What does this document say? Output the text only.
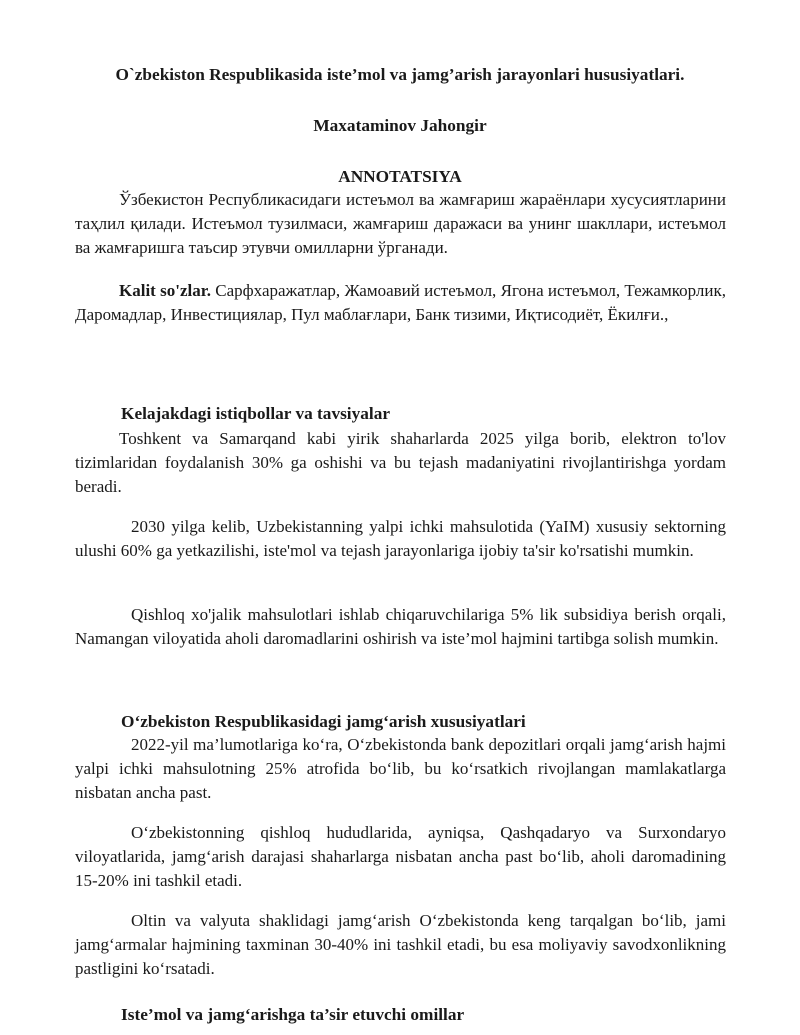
O`zbekiston Respublikasida iste’mol va jamg’arish jarayonlari hususiyatlari.
Maxataminov Jahongir
ANNOTATSIYA

Ўзбекистон Республикасидаги истеъмол ва жамғариш жараёнлари хусусиятларини таҳлил қилади. Истеъмол тузилмаси, жамғариш даражаси ва унинг шакллари, истеъмол ва жамғаришга таъсир этувчи омилларни ўрганади.

Kalit so'zlar. Сарфхаражатлар, Жамоавий истеъмол, Ягона истеъмол, Тежамкорлик, Даромадлар, Инвестициялар, Пул маблағлари, Банк тизими, Иқтисодиёт, Ёкилғи.,

Kelajakdagi istiqbollar va tavsiyalar

Toshkent va Samarqand kabi yirik shaharlarda 2025 yilga borib, elektron to'lov tizimlaridan foydalanish 30% ga oshishi va bu tejash madaniyatini rivojlantirishga yordam beradi.

2030 yilga kelib, Uzbekistanning yalpi ichki mahsulotida (YaIM) xususiy sektorning ulushi 60% ga yetkazilishi, iste'mol va tejash jarayonlariga ijobiy ta'sir ko'rsatishi mumkin.

Qishloq xo'jalik mahsulotlari ishlab chiqaruvchilariga 5% lik subsidiya berish orqali, Namangan viloyatida aholi daromadlarini oshirish va iste’mol hajmini tartibga solish mumkin.

O‘zbekiston Respublikasidagi jamg‘arish xususiyatlari

2022-yil ma’lumotlariga ko‘ra, O‘zbekistonda bank depozitlari orqali jamg‘arish hajmi yalpi ichki mahsulotning 25% atrofida bo‘lib, bu ko‘rsatkich rivojlangan mamlakatlarga nisbatan ancha past.

O‘zbekistonning qishloq hududlarida, ayniqsa, Qashqadaryo va Surxondaryo viloyatlarida, jamg‘arish darajasi shaharlarga nisbatan ancha past bo‘lib, aholi daromadining 15-20% ini tashkil etadi.

Oltin va valyuta shaklidagi jamg‘arish O‘zbekistonda keng tarqalgan bo‘lib, jami jamg‘armalar hajmining taxminan 30-40% ini tashkil etadi, bu esa moliyaviy savodxonlikning pastligini ko‘rsatadi.

Iste’mol va jamg‘arishga ta’sir etuvchi omillar
